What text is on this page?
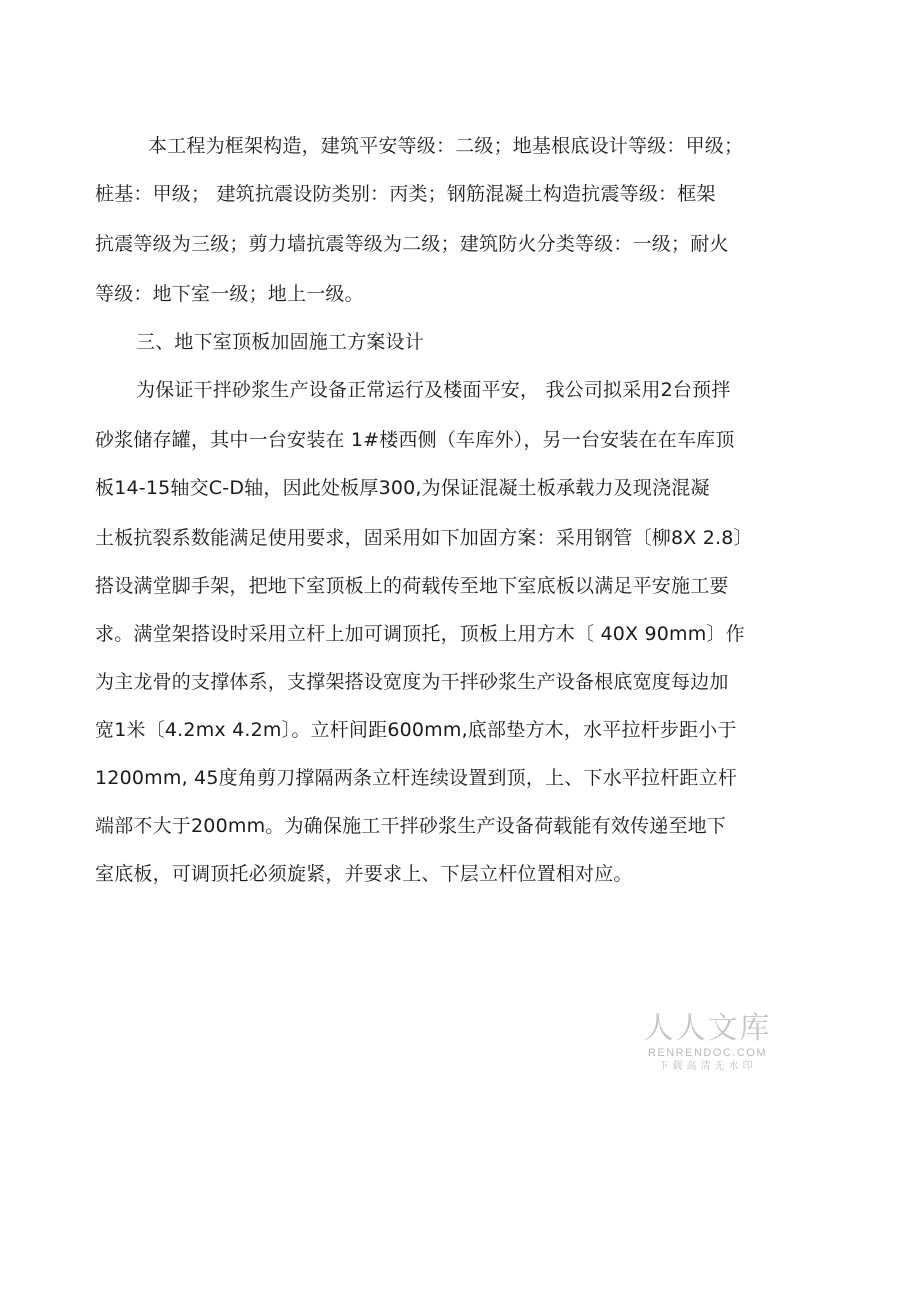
本工程为框架构造，建筑平安等级：二级；地基根底设计等级：甲级；
桩基：甲级； 建筑抗震设防类别：丙类；钢筋混凝土构造抗震等级：框架
抗震等级为三级；剪力墙抗震等级为二级；建筑防火分类等级：一级；耐火
等级：地下室一级；地上一级。
三、地下室顶板加固施工方案设计
为保证干拌砂浆生产设备正常运行及楼面平安， 我公司拟采用2台预拌
砂浆储存罐，其中一台安装在 1#楼西侧（车库外），另一台安装在在车库顶
板14-15轴交C-D轴，因此处板厚300,为保证混凝土板承载力及现浇混凝
土板抗裂系数能满足使用要求，固采用如下加固方案：采用钢管〔柳8X 2.8〕
搭设满堂脚手架，把地下室顶板上的荷载传至地下室底板以满足平安施工要
求。满堂架搭设时采用立杆上加可调顶托，顶板上用方木〔 40X 90mm〕作
为主龙骨的支撑体系，支撑架搭设宽度为干拌砂浆生产设备根底宽度每边加
宽1米〔4.2mx 4.2m〕。立杆间距600mm,底部垫方木，水平拉杆步距小于
1200mm, 45度角剪刀撑隔两条立杆连续设置到顶，上、下水平拉杆距立杆
端部不大于200mm。为确保施工干拌砂浆生产设备荷载能有效传递至地下
室底板，可调顶托必须旋紧，并要求上、下层立杆位置相对应。
人人文库
RENRENDOC.COM
下载高清无水印
